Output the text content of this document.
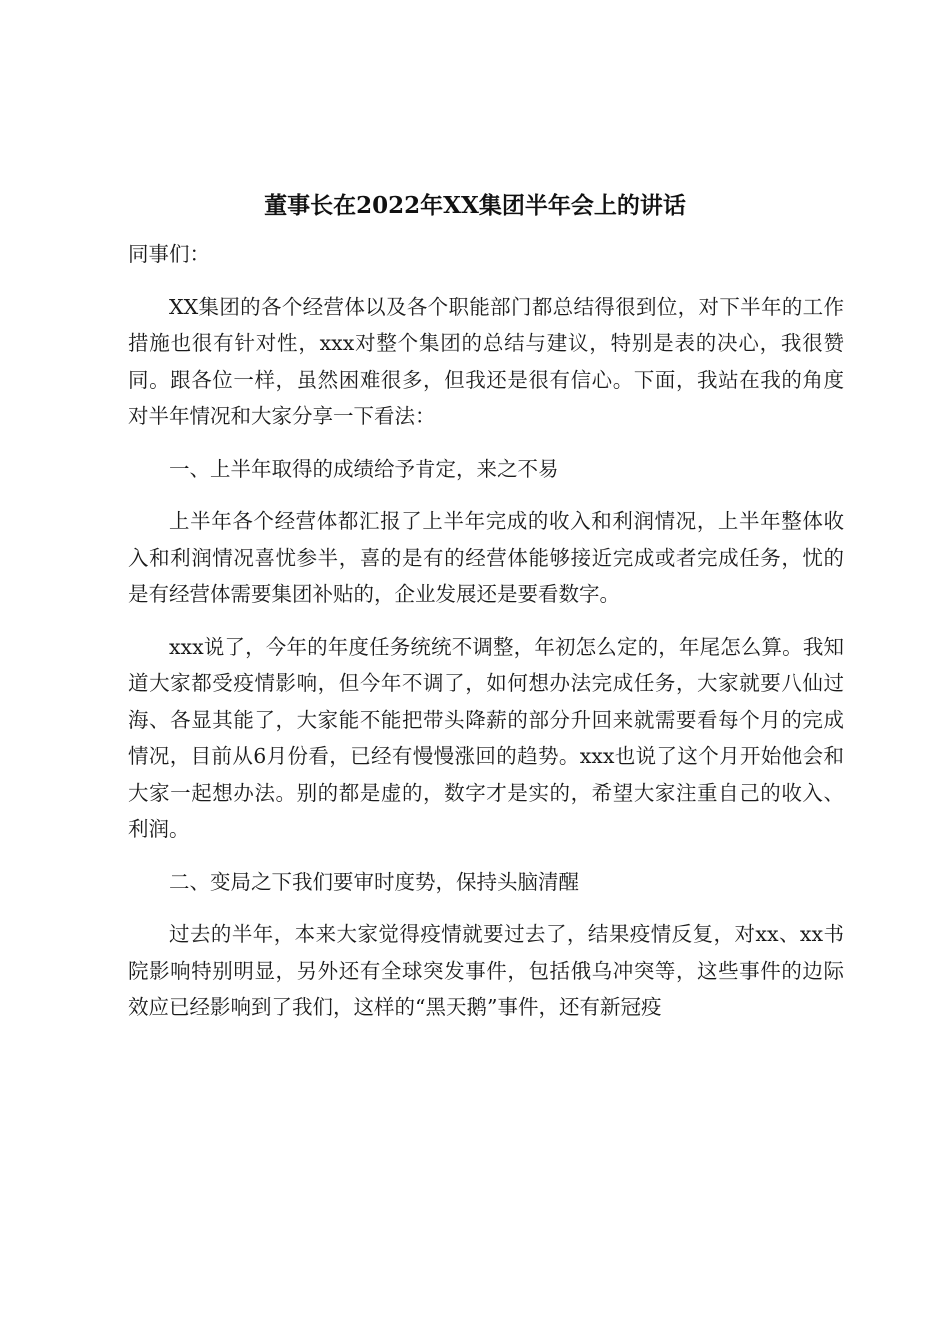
董事长在2022年XX集团半年会上的讲话

同事们：

XX集团的各个经营体以及各个职能部门都总结得很到位，对下半年的工作措施也很有针对性，xxx对整个集团的总结与建议，特别是表的决心，我很赞同。跟各位一样，虽然困难很多，但我还是很有信心。下面，我站在我的角度对半年情况和大家分享一下看法：

一、上半年取得的成绩给予肯定，来之不易

上半年各个经营体都汇报了上半年完成的收入和利润情况，上半年整体收入和利润情况喜忧参半，喜的是有的经营体能够接近完成或者完成任务，忧的是有经营体需要集团补贴的，企业发展还是要看数字。

xxx说了，今年的年度任务统统不调整，年初怎么定的，年尾怎么算。我知道大家都受疫情影响，但今年不调了，如何想办法完成任务，大家就要八仙过海、各显其能了，大家能不能把带头降薪的部分升回来就需要看每个月的完成情况，目前从6月份看，已经有慢慢涨回的趋势。xxx也说了这个月开始他会和大家一起想办法。别的都是虚的，数字才是实的，希望大家注重自己的收入、利润。

二、变局之下我们要审时度势，保持头脑清醒

过去的半年，本来大家觉得疫情就要过去了，结果疫情反复，对xx、xx书院影响特别明显，另外还有全球突发事件，包括俄乌冲突等，这些事件的边际效应已经影响到了我们，这样的“黑天鹅”事件，还有新冠疫
